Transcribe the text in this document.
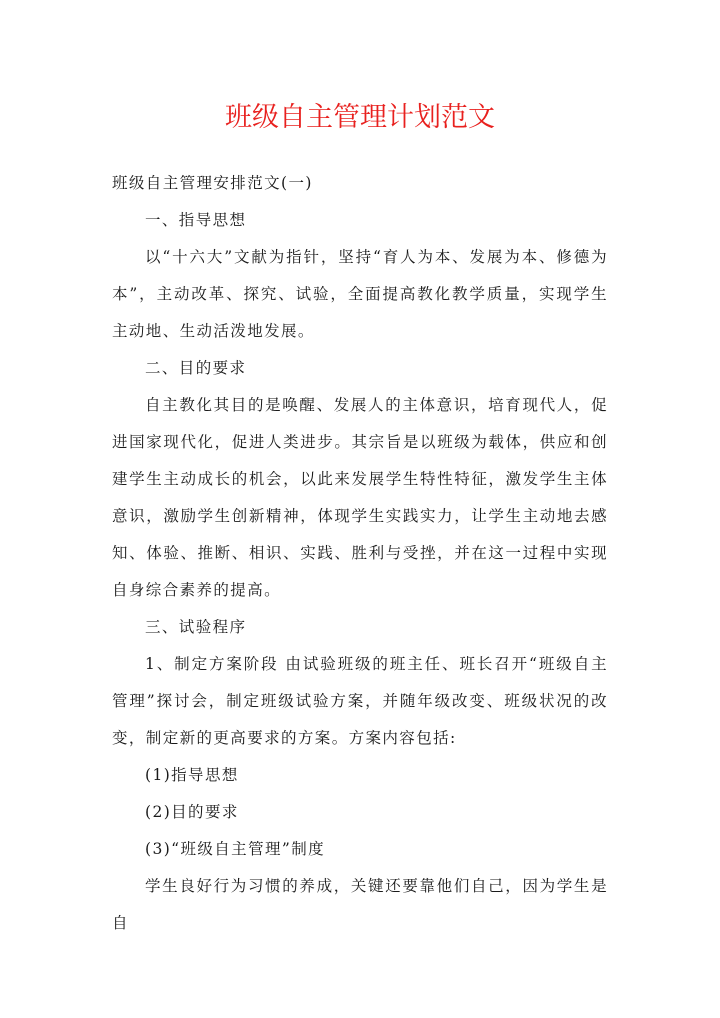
班级自主管理计划范文

班级自主管理安排范文(一)

一、指导思想

以“十六大”文献为指针，坚持“育人为本、发展为本、修德为本”，主动改革、探究、试验，全面提高教化教学质量，实现学生主动地、生动活泼地发展。

二、目的要求

自主教化其目的是唤醒、发展人的主体意识，培育现代人，促进国家现代化，促进人类进步。其宗旨是以班级为载体，供应和创建学生主动成长的机会，以此来发展学生特性特征，激发学生主体意识，激励学生创新精神，体现学生实践实力，让学生主动地去感知、体验、推断、相识、实践、胜利与受挫，并在这一过程中实现自身综合素养的提高。

三、试验程序

1、制定方案阶段 由试验班级的班主任、班长召开“班级自主管理”探讨会，制定班级试验方案，并随年级改变、班级状况的改变，制定新的更高要求的方案。方案内容包括:

(1)指导思想

(2)目的要求

(3)“班级自主管理”制度

学生良好行为习惯的养成，关键还要靠他们自己，因为学生是自
